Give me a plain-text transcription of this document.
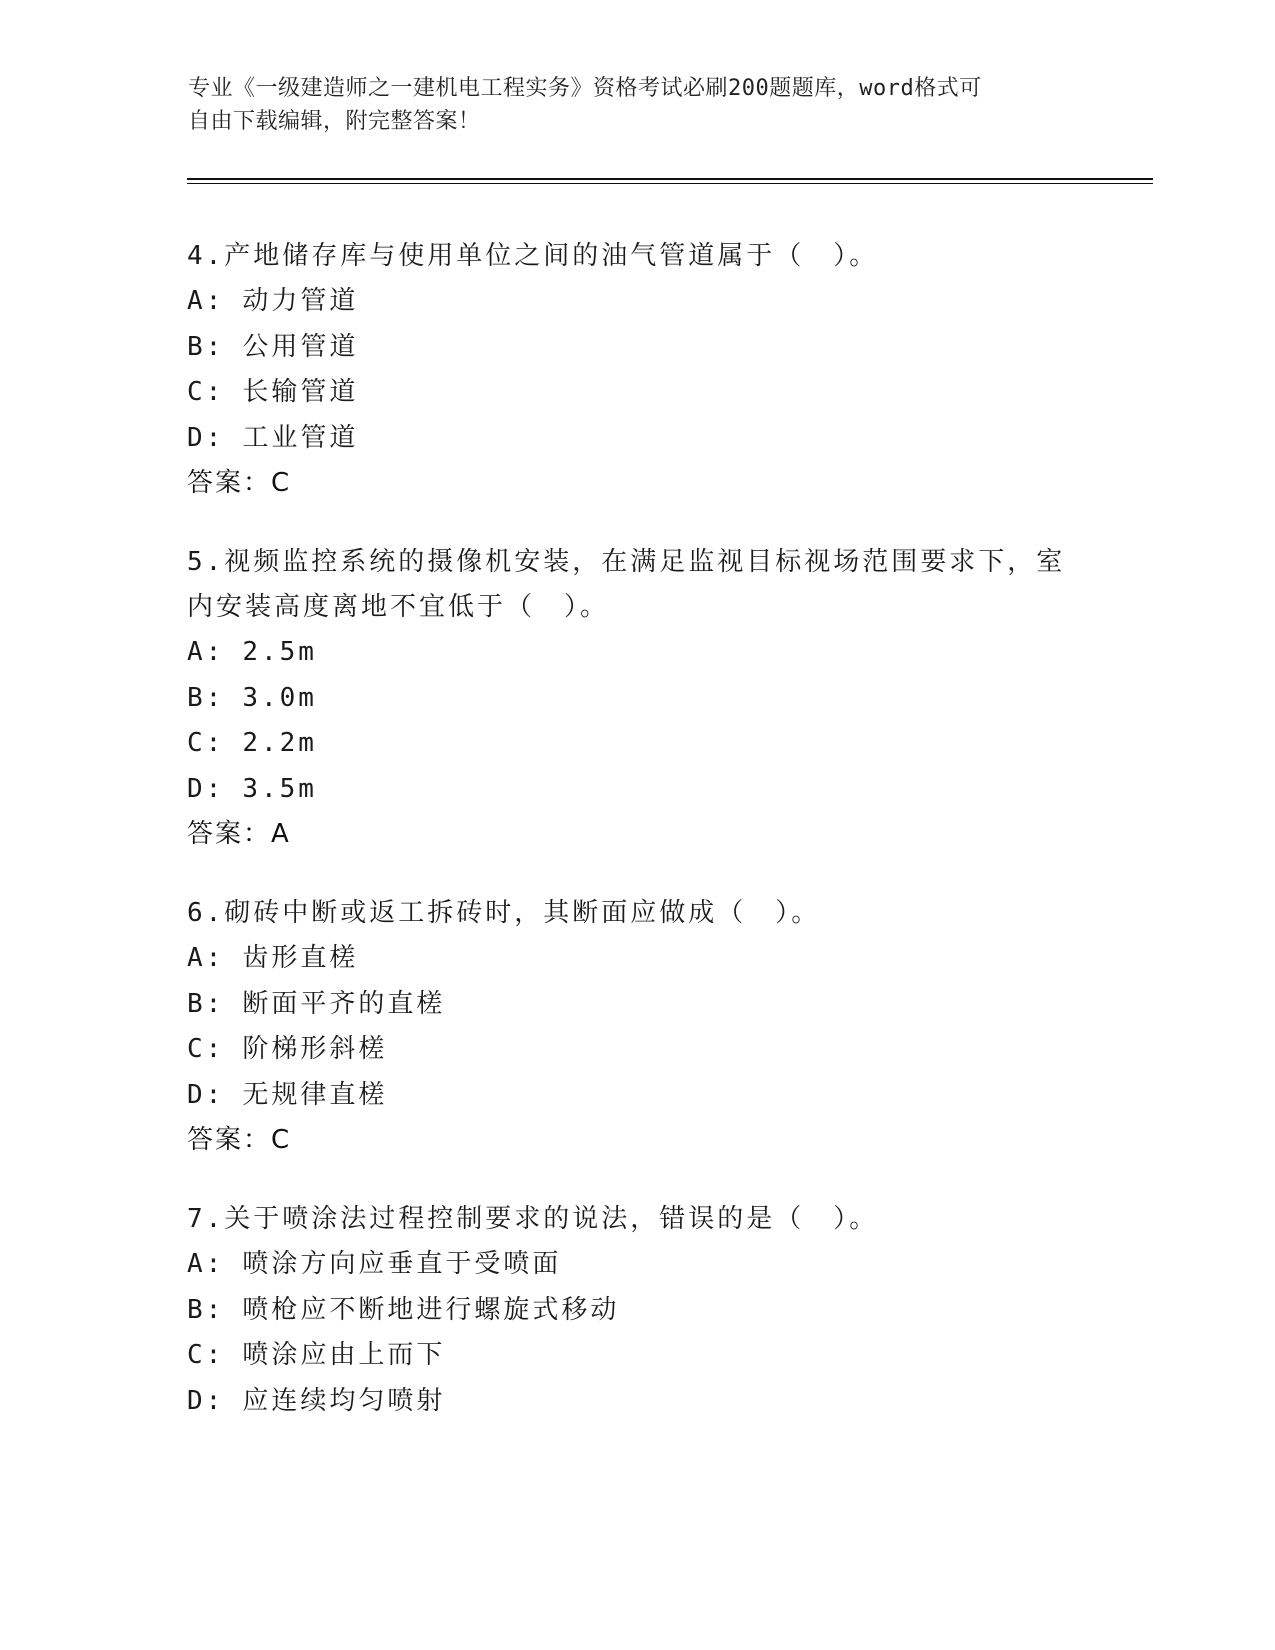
专业《一级建造师之一建机电工程实务》资格考试必刷200题题库，word格式可
自由下载编辑，附完整答案！

4.产地储存库与使用单位之间的油气管道属于（　）。

A: 动力管道

B: 公用管道

C: 长输管道

D: 工业管道

答案：C

5.视频监控系统的摄像机安装，在满足监视目标视场范围要求下，室

内安装高度离地不宜低于（　）。

A: 2.5m

B: 3.0m

C: 2.2m

D: 3.5m

答案：A

6.砌砖中断或返工拆砖时，其断面应做成（　）。

A: 齿形直槎

B: 断面平齐的直槎

C: 阶梯形斜槎

D: 无规律直槎

答案：C

7.关于喷涂法过程控制要求的说法，错误的是（　）。

A: 喷涂方向应垂直于受喷面

B: 喷枪应不断地进行螺旋式移动

C: 喷涂应由上而下

D: 应连续均匀喷射
